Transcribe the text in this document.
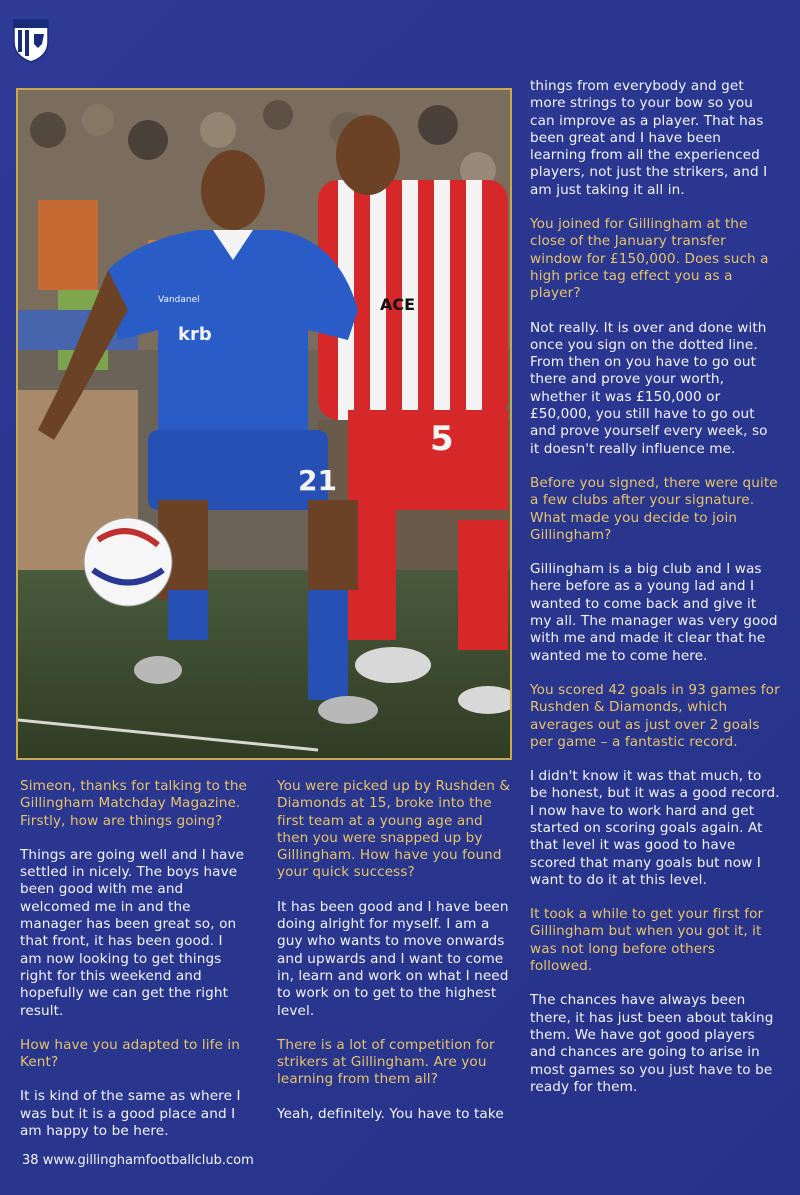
5
ACE
krb
Vandanel
21

things from everybody and get more strings to your bow so you can improve as a player. That has been great and I have been learning from all the experienced players, not just the strikers, and I am just taking it all in.

You joined for Gillingham at the close of the January transfer window for £150,000. Does such a high price tag effect you as a player?

Not really. It is over and done with once you sign on the dotted line. From then on you have to go out there and prove your worth, whether it was £150,000 or £50,000, you still have to go out and prove yourself every week, so it doesn't really influence me.

Before you signed, there were quite a few clubs after your signature. What made you decide to join Gillingham?

Gillingham is a big club and I was here before as a young lad and I wanted to come back and give it my all. The manager was very good with me and made it clear that he wanted me to come here.

You scored 42 goals in 93 games for Rushden & Diamonds, which averages out as just over 2 goals per game – a fantastic record.

I didn't know it was that much, to be honest, but it was a good record. I now have to work hard and get started on scoring goals again. At that level it was good to have scored that many goals but now I want to do it at this level.

It took a while to get your first for Gillingham but when you got it, it was not long before others followed.

The chances have always been there, it has just been about taking them. We have got good players and chances are going to arise in most games so you just have to be ready for them.

Simeon, thanks for talking to the Gillingham Matchday Magazine. Firstly, how are things going?

Things are going well and I have settled in nicely. The boys have been good with me and welcomed me in and the manager has been great so, on that front, it has been good. I am now looking to get things right for this weekend and hopefully we can get the right result.

How have you adapted to life in Kent?

It is kind of the same as where I was but it is a good place and I am happy to be here.

You were picked up by Rushden & Diamonds at 15, broke into the first team at a young age and then you were snapped up by Gillingham. How have you found your quick success?

It has been good and I have been doing alright for myself. I am a guy who wants to move onwards and upwards and I want to come in, learn and work on what I need to work on to get to the highest level.

There is a lot of competition for strikers at Gillingham. Are you learning from them all?

Yeah, definitely. You have to take

38 www.gillinghamfootballclub.com
